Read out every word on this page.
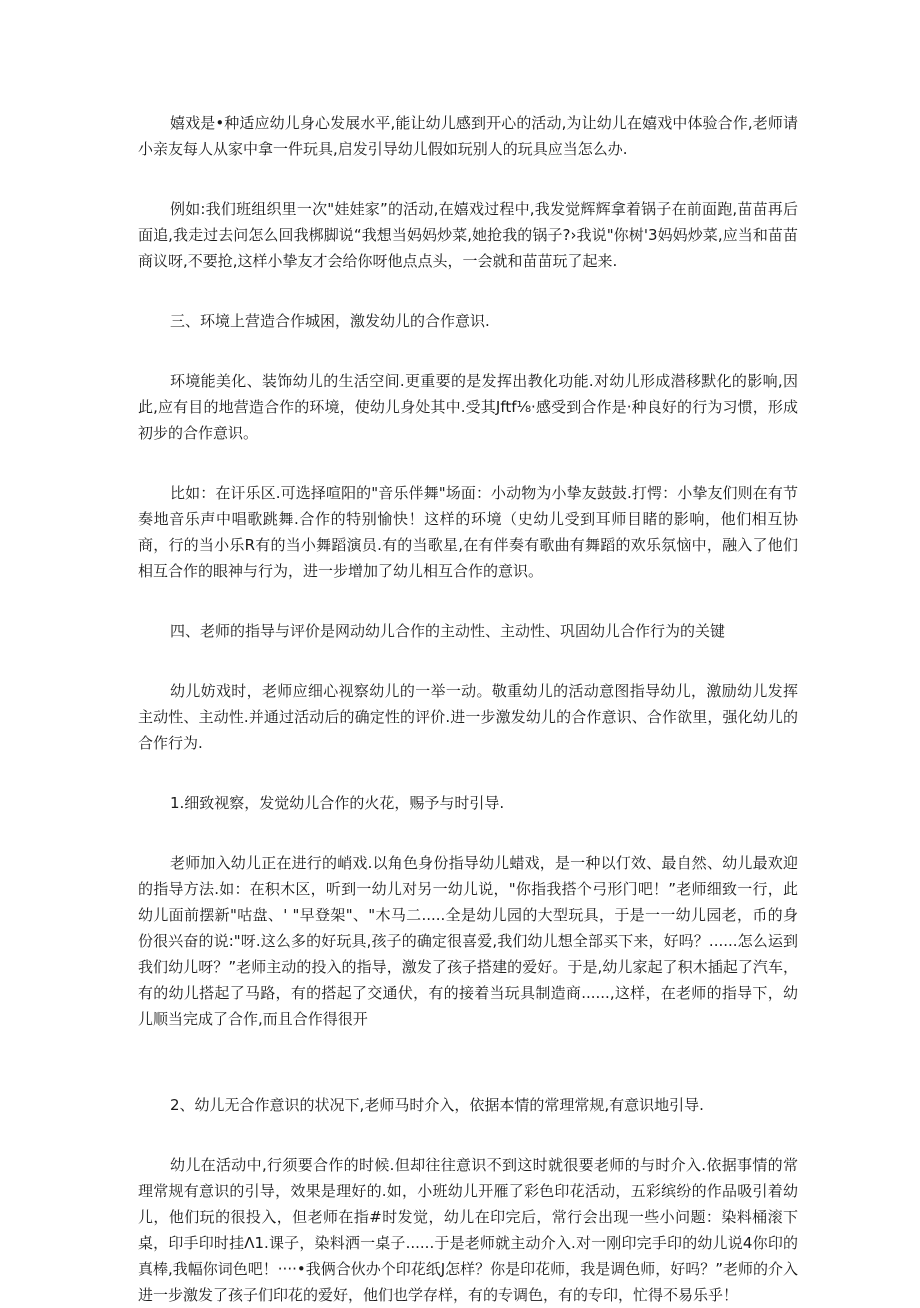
嬉戏是•种适应幼儿身心发展水平,能让幼儿感到开心的活动,为让幼儿在嬉戏中体验合作,老师请小亲友每人从家中拿一件玩具,启发引导幼儿假如玩别人的玩具应当怎么办.

例如:我们班组织里一次"娃娃家”的活动,在嬉戏过程中,我发觉辉辉拿着锅子在前面跑,苗苗再后面追,我走过去问怎么回我梆脚说“我想当妈妈炒菜,她抢我的锅子?›我说"你树'3妈妈炒菜,应当和苗苗商议呀,不要抢,这样小挚友才会给你呀他点点头，一会就和苗苗玩了起来.

三、环境上营造合作城困，激发幼儿的合作意识.

环境能美化、装饰幼儿的生活空间.更重要的是发挥出教化功能.对幼儿形成潜移默化的影响,因此,应有目的地营造合作的环境，使幼儿身处其中.受其Jftf⅛·感受到合作是·种良好的行为习惯，形成初步的合作意识。

比如：在讦乐区.可选择喧阳的"音乐伴舞"场面：小动物为小挚友鼓鼓.打愕：小挚友们则在有节奏地音乐声中唱歌跳舞.合作的特别愉快！这样的环境（史幼儿受到耳师目睹的影响，他们相互协商，行的当小乐R有的当小舞蹈演员.有的当歌星,在有伴奏有歌曲有舞蹈的欢乐氛恼中，融入了他们相互合作的眼神与行为，进一步增加了幼儿相互合作的意识。

四、老师的指导与评价是网动幼儿合作的主动性、主动性、巩固幼儿合作行为的关键

幼儿妨戏时，老师应细心视察幼儿的一举一动。敬重幼儿的活动意图指导幼儿，激励幼儿发挥主动性、主动性.并通过活动后的确定性的评价.进一步激发幼儿的合作意识、合作欲里，强化幼儿的合作行为.

1.细致视察，发觉幼儿合作的火花，赐予与时引导.

老师加入幼儿正在进行的峭戏.以角色身份指导幼儿蜡戏，是一种以仃效、最自然、幼儿最欢迎的指导方法.如：在积木区，听到一幼儿对另一幼儿说，"你指我搭个弓形门吧！”老师细致一行，此幼儿面前摆新"咕盘、' "早登架"、"木马二.....全是幼儿园的大型玩具，于是一一幼儿园老，币的身份很兴奋的说:"呀.这么多的好玩具,孩子的确定很喜爱,我们幼儿想全部买下来，好吗？......怎么运到我们幼儿呀？”老师主动的投入的指导，激发了孩子搭建的爱好。于是,幼儿家起了积木插起了汽车，有的幼儿搭起了马路，有的搭起了交通伏，有的接着当玩具制造商......,这样，在老师的指导下，幼儿顺当完成了合作,而且合作得很开

2、幼儿无合作意识的状况下,老师马时介入，依据本情的常理常规,有意识地引导.

幼儿在活动中,行须要合作的时候.但却往往意识不到这时就很要老师的与时介入.依据事情的常理常规有意识的引导，效果是理好的.如，小班幼儿开雁了彩色印花活动，五彩缤纷的作品吸引着幼儿，他们玩的很投入，但老师在指#时发觉，幼儿在印完后，常行会出现一些小问题：染料桶滚下桌，印手印时挂Λ1.课子，染料洒一桌子......于是老师就主动介入.对一刚印完手印的幼儿说4你印的真棒,我幅你词色吧！····•我俩合伙办个印花纸J怎样？你是印花师，我是调色师，好吗？”老师的介入进一步激发了孩子们印花的爱好，他们也学存样，有的专调色，有的专印，忙得不易乐乎！
